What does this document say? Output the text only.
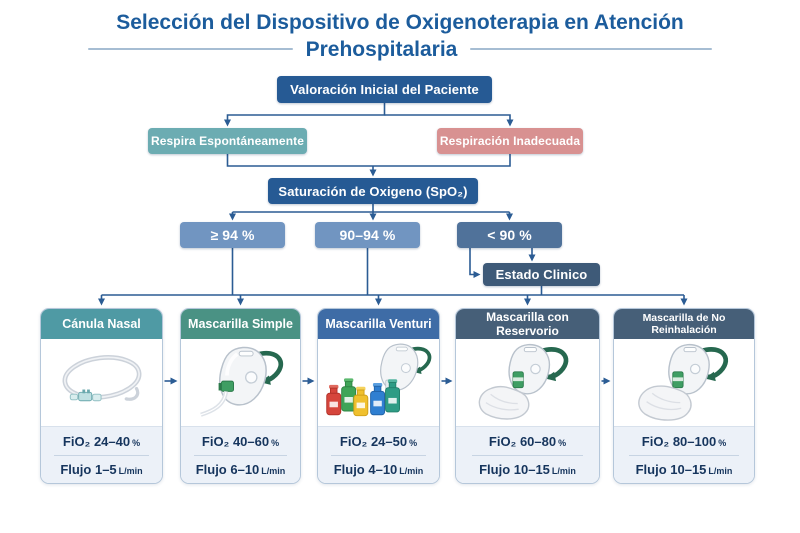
Selección del Dispositivo de Oxigenoterapia en Atención
Prehospitalaria
Valoración Inicial del Paciente
Respira Espontáneamente	Respiración Inadecuada
Saturación de Oxigeno (SpO₂)
≥ 94 %	90–94 %	< 90 %
Estado Clinico
Cánula Nasal
FiO₂ 24–40 %
Flujo 1–5 L/min
Mascarilla Simple
FiO₂ 40–60 %
Flujo 6–10 L/min
Mascarilla Venturi
FiO₂ 24–50 %
Flujo 4–10 L/min
Mascarilla con Reservorio
FiO₂ 60–80 %
Flujo 10–15 L/min
Mascarilla de No Reinhalación
FiO₂ 80–100 %
Flujo 10–15 L/min
